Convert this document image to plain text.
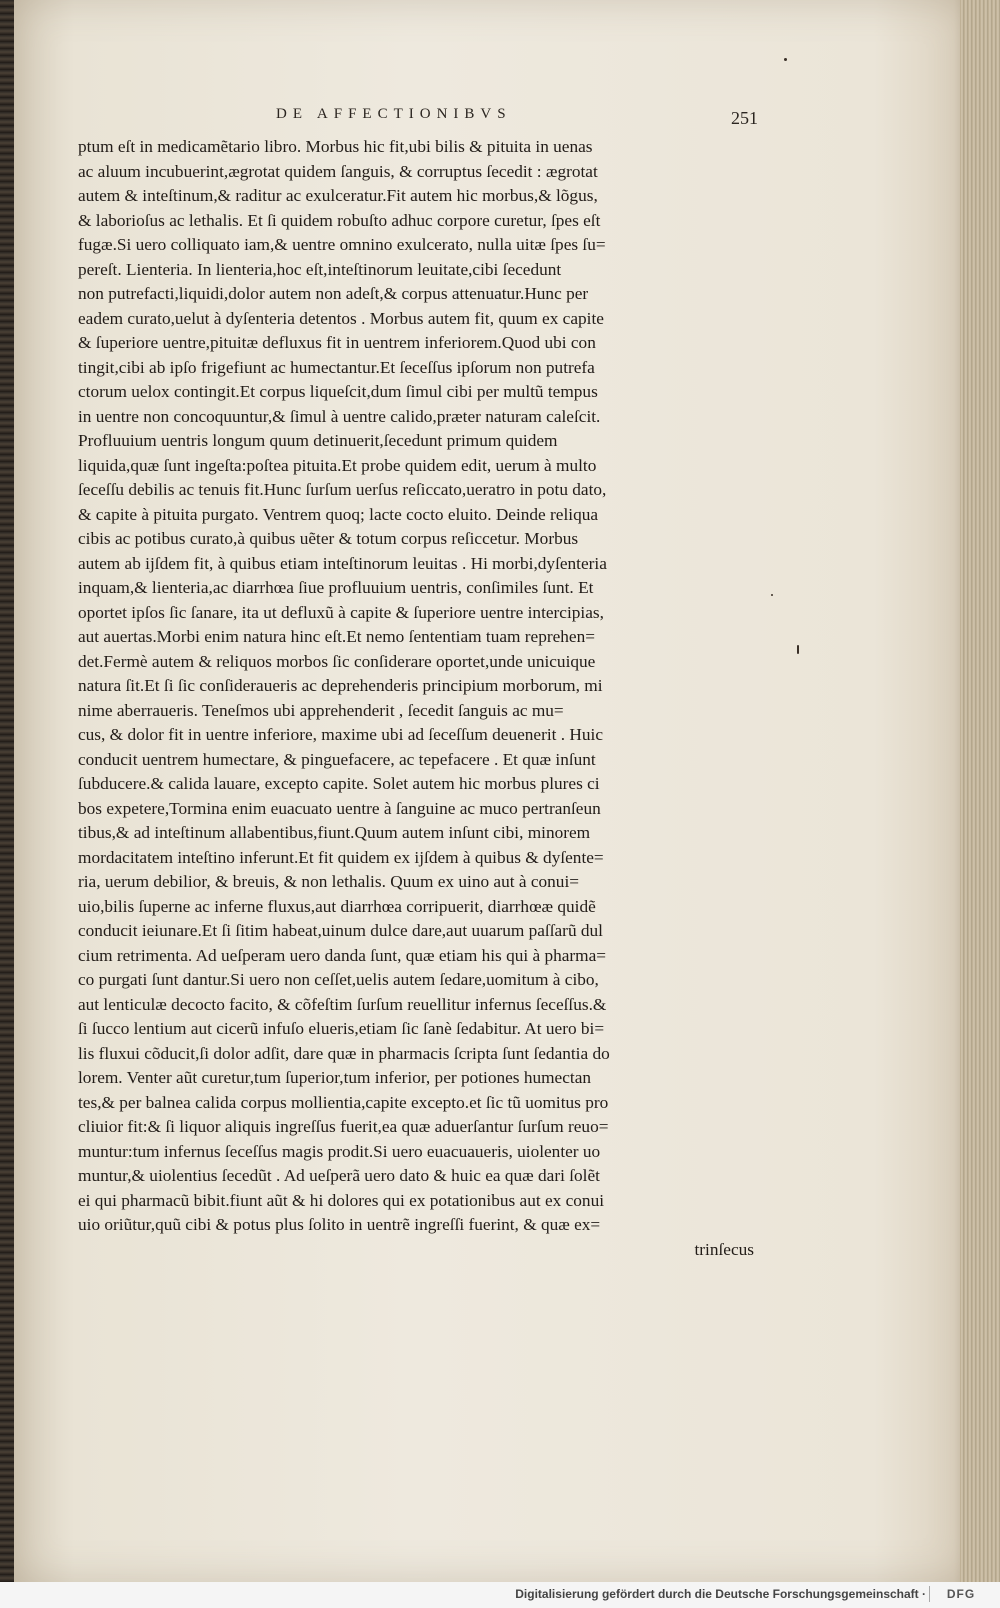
DE AFFECTIONIBVS	251
ptum eſt in medicamẽtario libro. Morbus hic fit,ubi bilis & pituita in uenas
ac aluum incubuerint,ægrotat quidem ſanguis, & corruptus ſecedit : ægrotat
autem & inteſtinum,& raditur ac exulceratur.Fit autem hic morbus,& lõgus,
& laborioſus ac lethalis. Et ſi quidem robuſto adhuc corpore curetur, ſpes eſt
fugæ.Si uero colliquato iam,& uentre omnino exulcerato, nulla uitæ ſpes ſu=
pereſt. Lienteria. In lienteria,hoc eſt,inteſtinorum leuitate,cibi ſecedunt
non putrefacti,liquidi,dolor autem non adeſt,& corpus attenuatur.Hunc per
eadem curato,uelut à dyſenteria detentos . Morbus autem fit, quum ex capite
& ſuperiore uentre,pituitæ defluxus fit in uentrem inferiorem.Quod ubi con
tingit,cibi ab ipſo frigefiunt ac humectantur.Et ſeceſſus ipſorum non putrefa
ctorum uelox contingit.Et corpus liqueſcit,dum ſimul cibi per multũ tempus
in uentre non concoquuntur,& ſimul à uentre calido,præter naturam caleſcit.
Profluuium uentris longum quum detinuerit,ſecedunt primum quidem
liquida,quæ ſunt ingeſta:poſtea pituita.Et probe quidem edit, uerum à multo
ſeceſſu debilis ac tenuis fit.Hunc ſurſum uerſus reſiccato,ueratro in potu dato,
& capite à pituita purgato. Ventrem quoq; lacte cocto eluito. Deinde reliqua
cibis ac potibus curato,à quibus uẽter & totum corpus reſiccetur. Morbus
autem ab ijſdem fit, à quibus etiam inteſtinorum leuitas . Hi morbi,dyſenteria
inquam,& lienteria,ac diarrhœa ſiue profluuium uentris, conſimiles ſunt. Et
oportet ipſos ſic ſanare, ita ut defluxũ à capite & ſuperiore uentre intercipias,
aut auertas.Morbi enim natura hinc eſt.Et nemo ſententiam tuam reprehen=
det.Fermè autem & reliquos morbos ſic conſiderare oportet,unde unicuique
natura ſit.Et ſi ſic conſideraueris ac deprehenderis principium morborum, mi
nime aberraueris. Teneſmos ubi apprehenderit , ſecedit ſanguis ac mu=
cus, & dolor fit in uentre inferiore, maxime ubi ad ſeceſſum deuenerit . Huic
conducit uentrem humectare, & pinguefacere, ac tepefacere . Et quæ inſunt
ſubducere.& calida lauare, excepto capite. Solet autem hic morbus plures ci
bos expetere,Tormina enim euacuato uentre à ſanguine ac muco pertranſeun
tibus,& ad inteſtinum allabentibus,fiunt.Quum autem inſunt cibi, minorem
mordacitatem inteſtino inferunt.Et fit quidem ex ijſdem à quibus & dyſente=
ria, uerum debilior, & breuis, & non lethalis. Quum ex uino aut à conui=
uio,bilis ſuperne ac inferne fluxus,aut diarrhœa corripuerit, diarrhœæ quidẽ
conducit ieiunare.Et ſi ſitim habeat,uinum dulce dare,aut uuarum paſſarũ dul
cium retrimenta. Ad ueſperam uero danda ſunt, quæ etiam his qui à pharma=
co purgati ſunt dantur.Si uero non ceſſet,uelis autem ſedare,uomitum à cibo,
aut lenticulæ decocto facito, & cõfeſtim ſurſum reuellitur infernus ſeceſſus.&
ſi ſucco lentium aut cicerũ infuſo elueris,etiam ſic ſanè ſedabitur. At uero bi=
lis fluxui cõducit,ſi dolor adſit, dare quæ in pharmacis ſcripta ſunt ſedantia do
lorem. Venter aũt curetur,tum ſuperior,tum inferior, per potiones humectan
tes,& per balnea calida corpus mollientia,capite excepto.et ſic tũ uomitus pro
cliuior fit:& ſi liquor aliquis ingreſſus fuerit,ea quæ aduerſantur ſurſum reuo=
muntur:tum infernus ſeceſſus magis prodit.Si uero euacuaueris, uiolenter uo
muntur,& uiolentius ſecedũt . Ad ueſperã uero dato & huic ea quæ dari ſolẽt
ei qui pharmacũ bibit.fiunt aũt & hi dolores qui ex potationibus aut ex conui
uio oriũtur,quũ cibi & potus plus ſolito in uentrẽ ingreſſi fuerint, & quæ ex=
trinſecus
Digitalisierung gefördert durch die Deutsche Forschungsgemeinschaft ·	DFG
